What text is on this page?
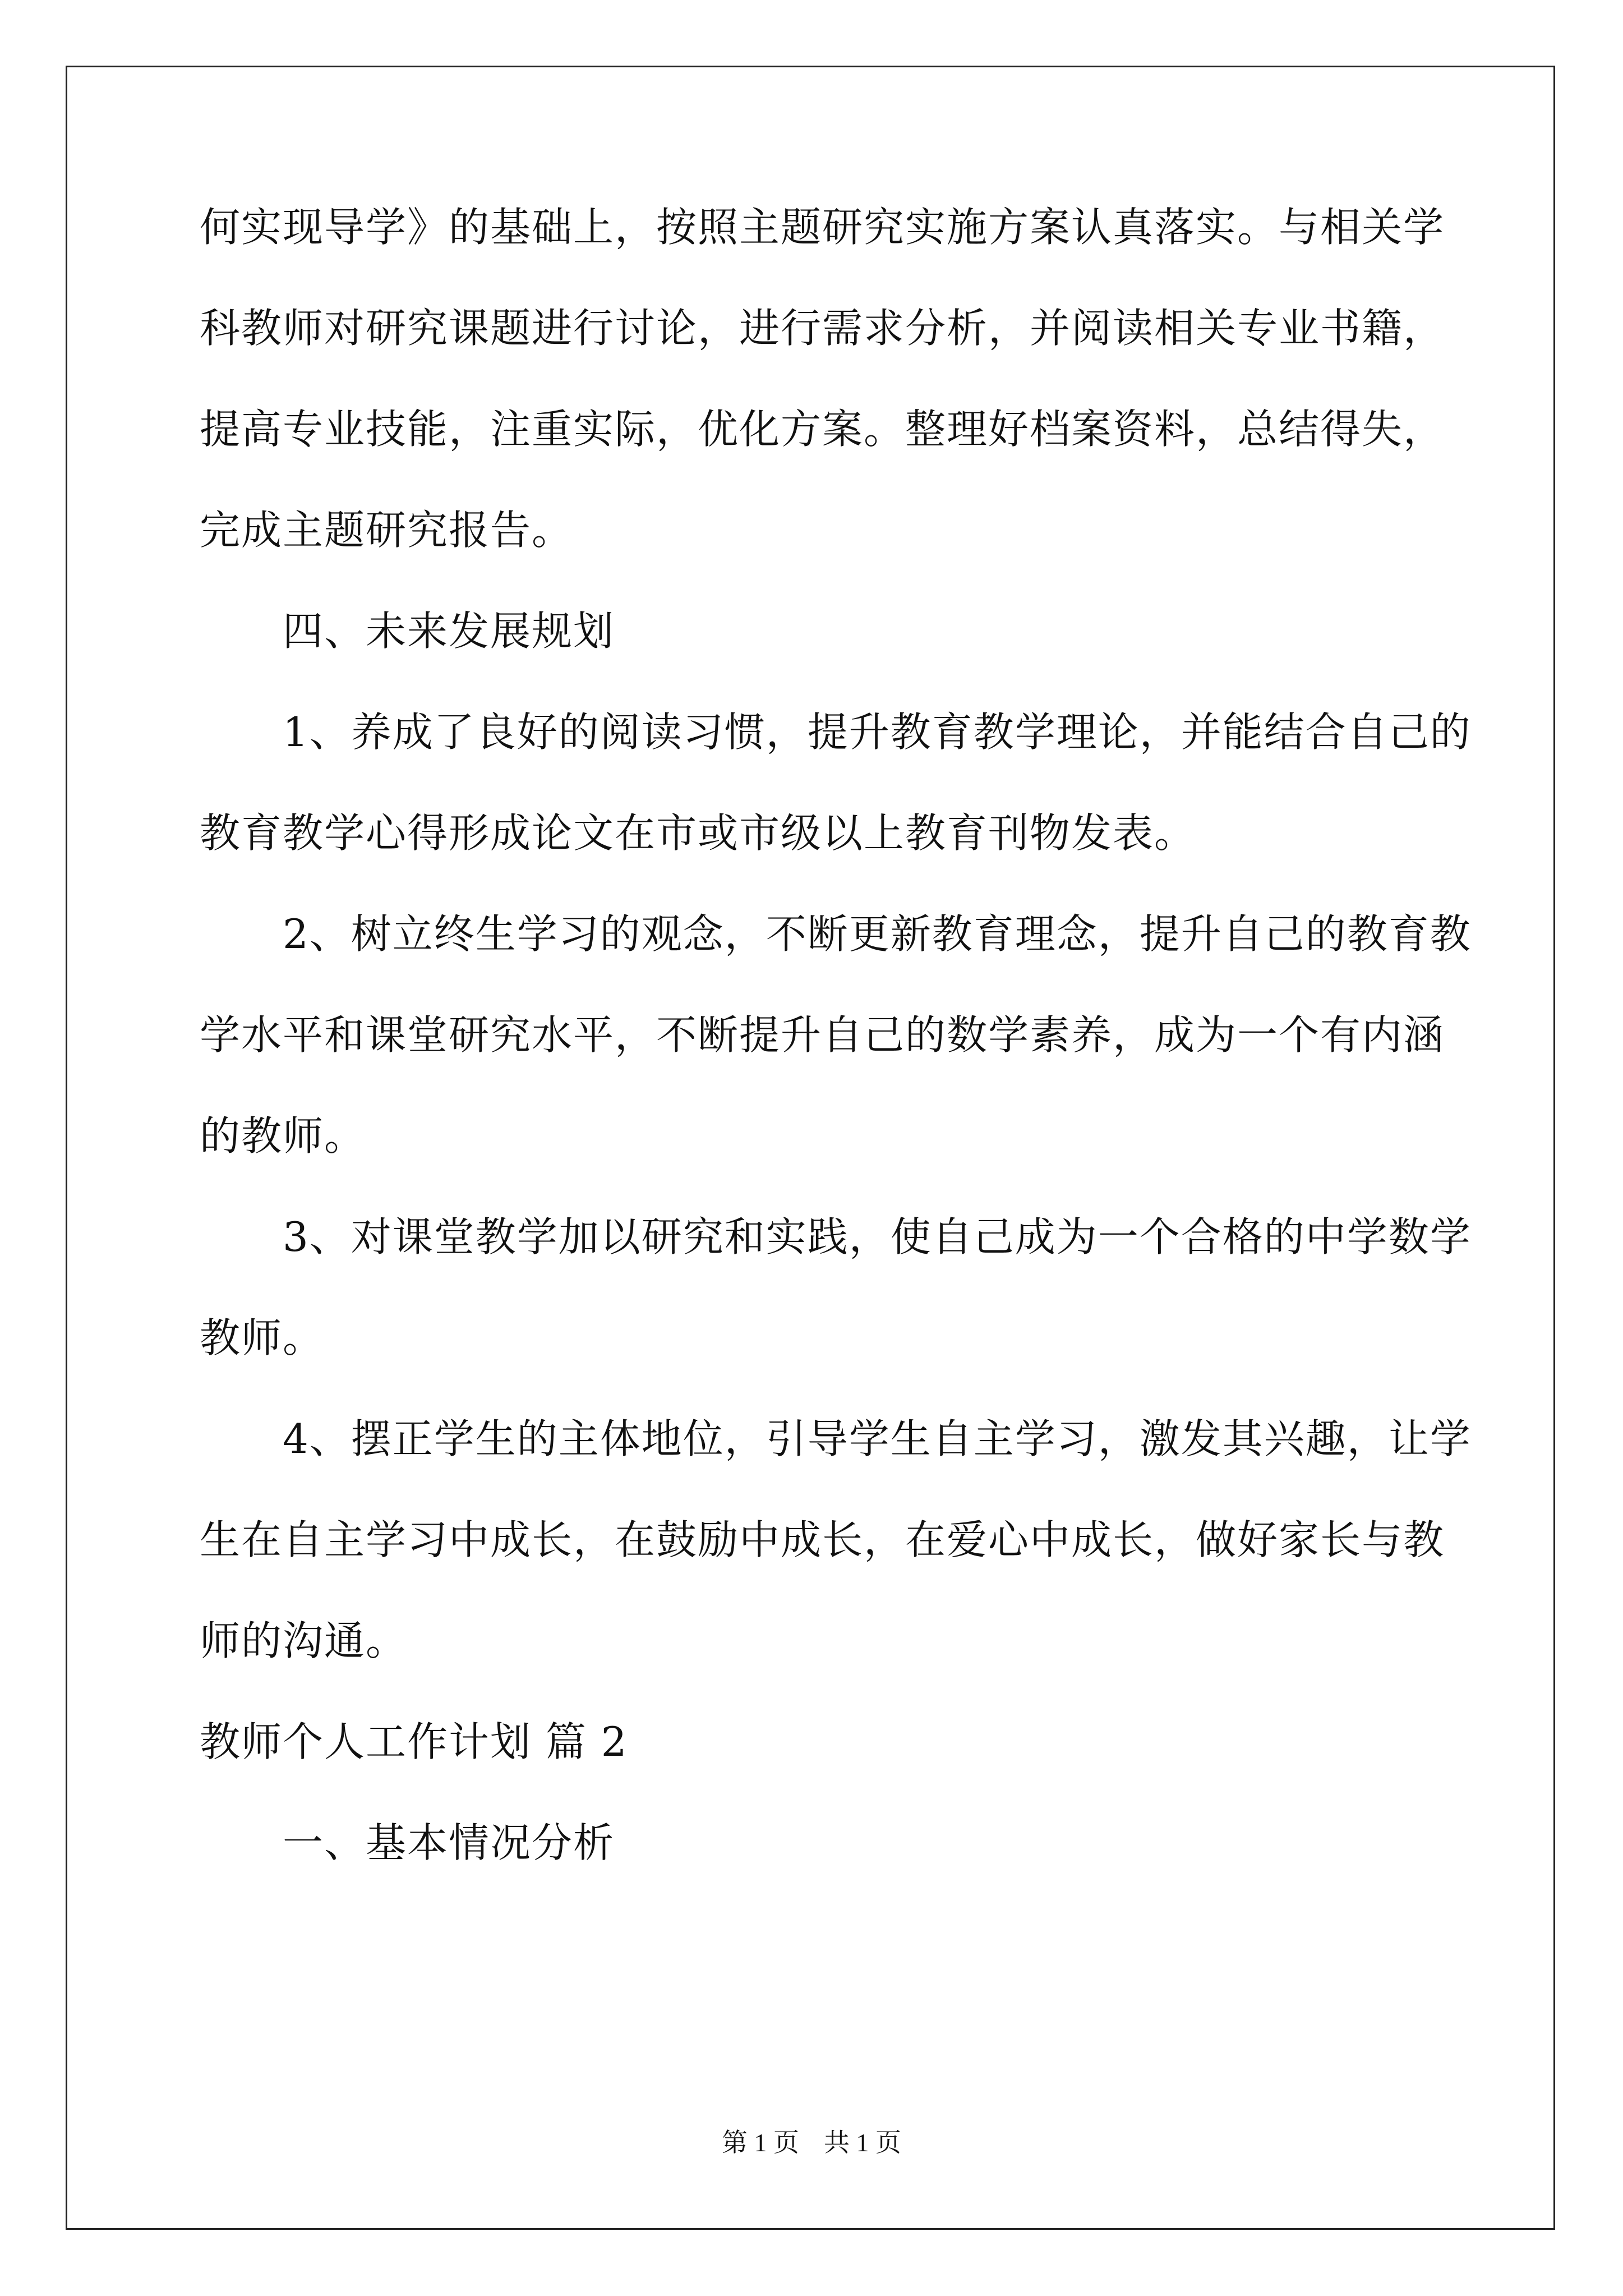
何实现导学》的基础上，按照主题研究实施方案认真落实。与相关学
科教师对研究课题进行讨论，进行需求分析，并阅读相关专业书籍，
提高专业技能，注重实际，优化方案。整理好档案资料，总结得失，
完成主题研究报告。
四、未来发展规划
1、养成了良好的阅读习惯，提升教育教学理论，并能结合自己的
教育教学心得形成论文在市或市级以上教育刊物发表。
2、树立终生学习的观念，不断更新教育理念，提升自己的教育教
学水平和课堂研究水平，不断提升自己的数学素养，成为一个有内涵
的教师。
3、对课堂教学加以研究和实践，使自己成为一个合格的中学数学
教师。
4、摆正学生的主体地位，引导学生自主学习，激发其兴趣，让学
生在自主学习中成长，在鼓励中成长，在爱心中成长，做好家长与教
师的沟通。
教师个人工作计划 篇 2
一、基本情况分析
第 1 页 共 1 页
